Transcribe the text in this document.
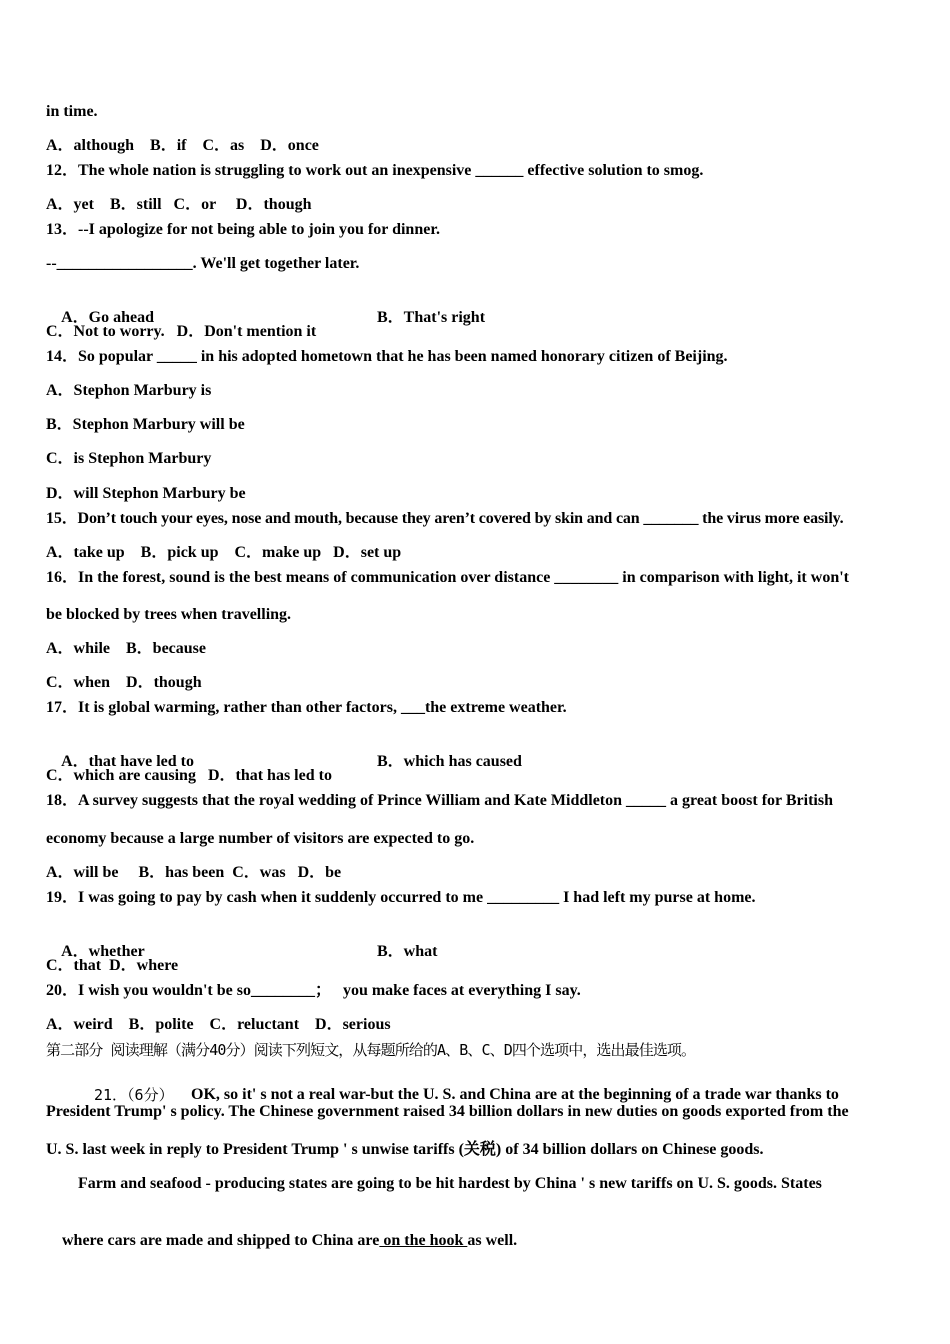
in time.
A．although    B．if    C．as    D．once
12．The whole nation is struggling to work out an inexpensive ______ effective solution to smog.
A．yet    B．still   C．or     D．though
13．--I apologize for not being able to join you for dinner.
--_________________. We'll get together later.

A．Go ahead	B．That's right

C．Not to worry.   D．Don't mention it
14．So popular _____ in his adopted hometown that he has been named honorary citizen of Beijing.
A．Stephon Marbury is
B．Stephon Marbury will be
C．is Stephon Marbury
D．will Stephon Marbury be
15．Don’t touch your eyes, nose and mouth, because they aren’t covered by skin and can _______ the virus more easily.
A．take up    B．pick up    C．make up   D．set up
16．In the forest, sound is the best means of communication over distance ________ in comparison with light, it won't
be blocked by trees when travelling.
A．while    B．because
C．when    D．though
17．It is global warming, rather than other factors, ___the extreme weather.

A．that have led to	B．which has caused

C．which are causing   D．that has led to
18．A survey suggests that the royal wedding of Prince William and Kate Middleton _____ a great boost for British
economy because a large number of visitors are expected to go.
A．will be     B．has been  C．was   D．be
19．I was going to pay by cash when it suddenly occurred to me _________ I had left my purse at home.

A．whether	B．what

C．that  D．where
20．I wish you wouldn't be so________；   you make faces at everything I say.
A．weird    B．polite    C．reluctant    D．serious
第二部分 阅读理解（满分40分）阅读下列短文，从每题所给的A、B、C、D四个选项中，选出最佳选项。

21．（6分） OK, so it' s not a real war-but the U. S. and China are at the beginning of a trade war thanks to

President Trump' s policy. The Chinese government raised 34 billion dollars in new duties on goods exported from the
U. S. last week in reply to President Trump ' s unwise tariffs (关税) of 34 billion dollars on Chinese goods.
Farm and seafood - producing states are going to be hit hardest by China ' s new tariffs on U. S. goods. States

where cars are made and shipped to China are on the hook as well.
